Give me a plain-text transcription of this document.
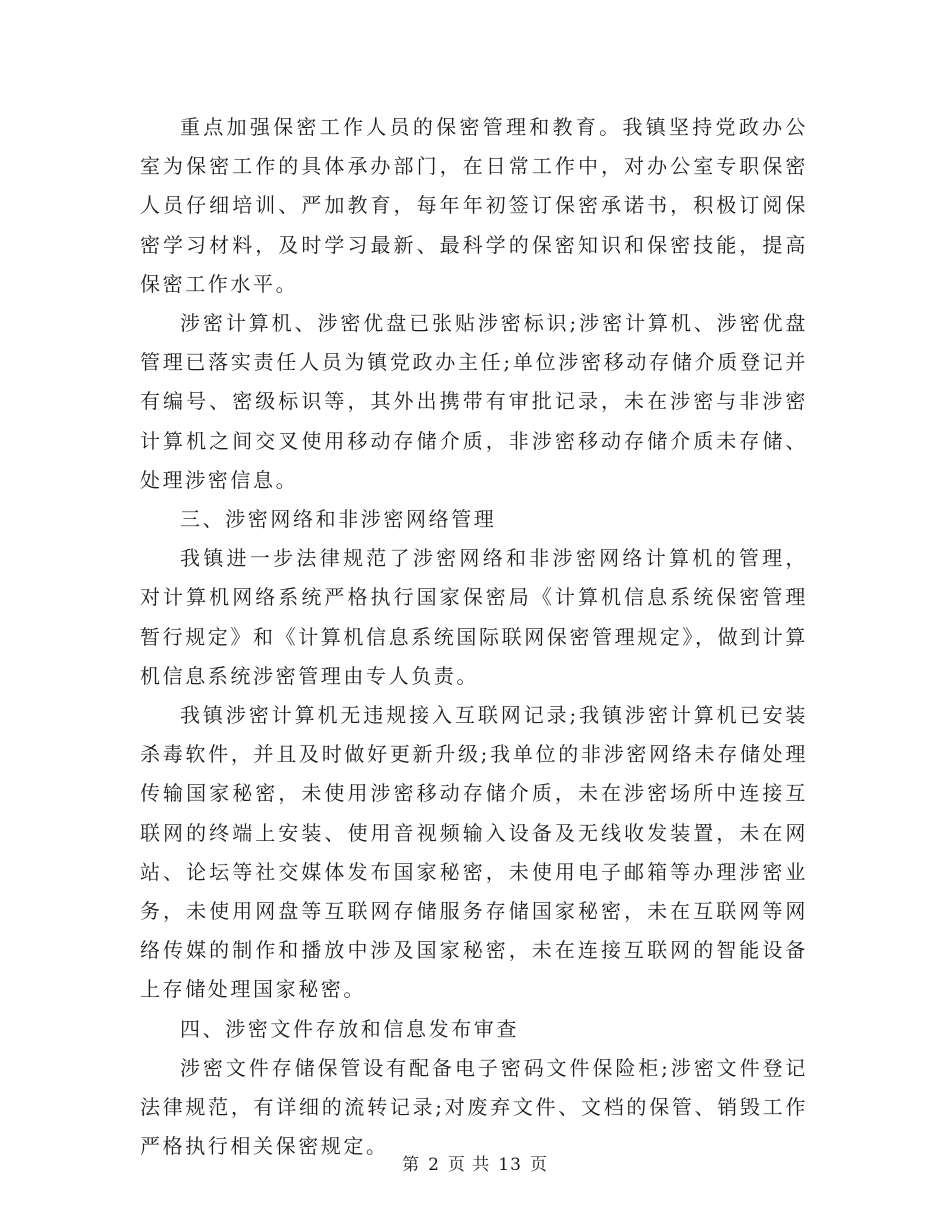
重点加强保密工作人员的保密管理和教育。我镇坚持党政办公室为保密工作的具体承办部门，在日常工作中，对办公室专职保密人员仔细培训、严加教育，每年年初签订保密承诺书，积极订阅保密学习材料，及时学习最新、最科学的保密知识和保密技能，提高保密工作水平。

涉密计算机、涉密优盘已张贴涉密标识;涉密计算机、涉密优盘管理已落实责任人员为镇党政办主任;单位涉密移动存储介质登记并有编号、密级标识等，其外出携带有审批记录，未在涉密与非涉密计算机之间交叉使用移动存储介质，非涉密移动存储介质未存储、处理涉密信息。

三、涉密网络和非涉密网络管理

我镇进一步法律规范了涉密网络和非涉密网络计算机的管理，对计算机网络系统严格执行国家保密局《计算机信息系统保密管理暂行规定》和《计算机信息系统国际联网保密管理规定》，做到计算机信息系统涉密管理由专人负责。

我镇涉密计算机无违规接入互联网记录;我镇涉密计算机已安装杀毒软件，并且及时做好更新升级;我单位的非涉密网络未存储处理传输国家秘密，未使用涉密移动存储介质，未在涉密场所中连接互联网的终端上安装、使用音视频输入设备及无线收发装置，未在网站、论坛等社交媒体发布国家秘密，未使用电子邮箱等办理涉密业务，未使用网盘等互联网存储服务存储国家秘密，未在互联网等网络传媒的制作和播放中涉及国家秘密，未在连接互联网的智能设备上存储处理国家秘密。

四、涉密文件存放和信息发布审查

涉密文件存储保管设有配备电子密码文件保险柜;涉密文件登记法律规范，有详细的流转记录;对废弃文件、文档的保管、销毁工作严格执行相关保密规定。

第 2 页 共 13 页
